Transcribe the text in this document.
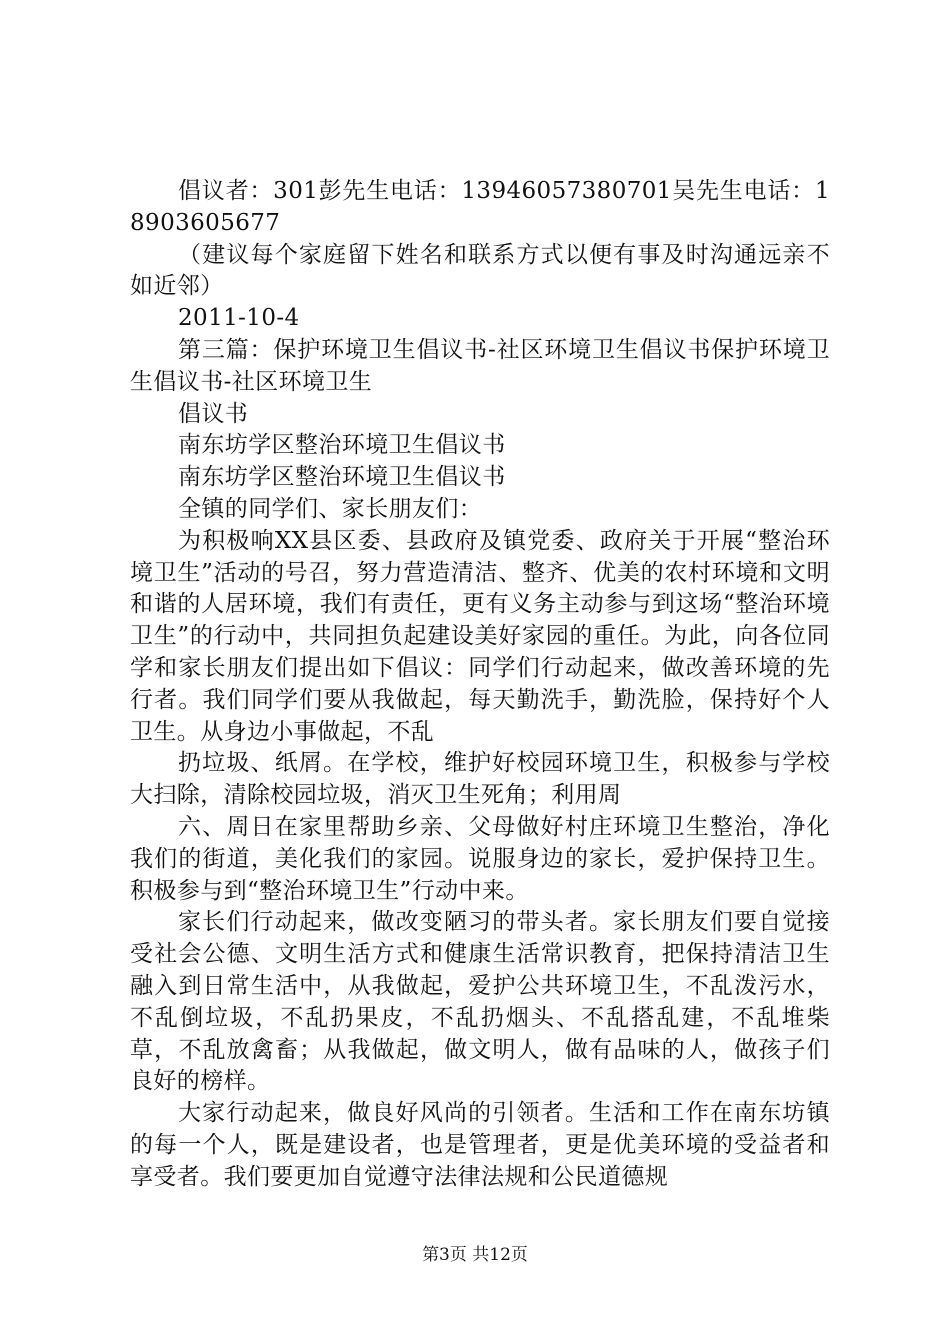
倡议者：301彭先生电话：13946057380701吴先生电话：18903605677

（建议每个家庭留下姓名和联系方式以便有事及时沟通远亲不如近邻）

2011-10-4

第三篇：保护环境卫生倡议书-社区环境卫生倡议书保护环境卫生倡议书-社区环境卫生

倡议书

南东坊学区整治环境卫生倡议书

南东坊学区整治环境卫生倡议书

全镇的同学们、家长朋友们：

为积极响XX县区委、县政府及镇党委、政府关于开展“整治环境卫生”活动的号召，努力营造清洁、整齐、优美的农村环境和文明和谐的人居环境，我们有责任，更有义务主动参与到这场“整治环境卫生”的行动中，共同担负起建设美好家园的重任。为此，向各位同学和家长朋友们提出如下倡议：同学们行动起来，做改善环境的先行者。我们同学们要从我做起，每天勤洗手，勤洗脸，保持好个人卫生。从身边小事做起，不乱

扔垃圾、纸屑。在学校，维护好校园环境卫生，积极参与学校大扫除，清除校园垃圾，消灭卫生死角；利用周

六、周日在家里帮助乡亲、父母做好村庄环境卫生整治，净化我们的街道，美化我们的家园。说服身边的家长，爱护保持卫生。积极参与到“整治环境卫生”行动中来。

家长们行动起来，做改变陋习的带头者。家长朋友们要自觉接受社会公德、文明生活方式和健康生活常识教育，把保持清洁卫生融入到日常生活中，从我做起，爱护公共环境卫生，不乱泼污水，不乱倒垃圾，不乱扔果皮，不乱扔烟头、不乱搭乱建，不乱堆柴草，不乱放禽畜；从我做起，做文明人，做有品味的人，做孩子们良好的榜样。

大家行动起来，做良好风尚的引领者。生活和工作在南东坊镇的每一个人，既是建设者，也是管理者，更是优美环境的受益者和享受者。我们要更加自觉遵守法律法规和公民道德规

第3页 共12页
